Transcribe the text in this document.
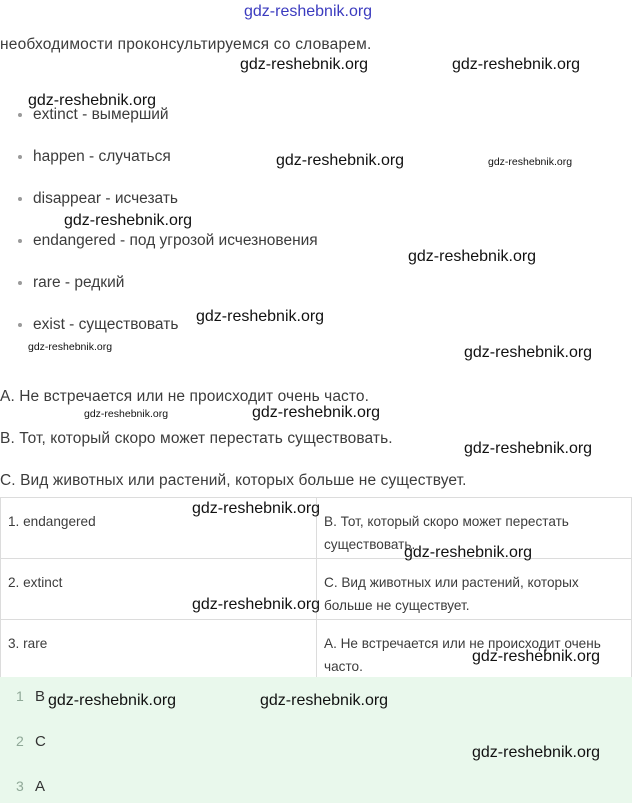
необходимости проконсультируемся со словарем.
extinct - вымерший
happen - случаться
disappear - исчезать
endangered - под угрозой исчезновения
rare - редкий
exist - существовать
A. Не встречается или не происходит очень часто.
B. Тот, который скоро может перестать существовать.
C. Вид животных или растений, которых больше не существует.
1. endangered	B. Тот, который скоро может перестать существовать.
2. extinct	C. Вид животных или растений, которых больше не существует.
3. rare	A. Не встречается или не происходит очень часто.
1 B
2 C
3 A
gdz-reshebnik.org
gdz-reshebnik.org	gdz-reshebnik.org
gdz-reshebnik.org
gdz-reshebnik.org	gdz-reshebnik.org
gdz-reshebnik.org
gdz-reshebnik.org
gdz-reshebnik.org
gdz-reshebnik.org	gdz-reshebnik.org
gdz-reshebnik.org	gdz-reshebnik.org
gdz-reshebnik.org
gdz-reshebnik.org
gdz-reshebnik.org
gdz-reshebnik.org
gdz-reshebnik.org
gdz-reshebnik.org	gdz-reshebnik.org
gdz-reshebnik.org
